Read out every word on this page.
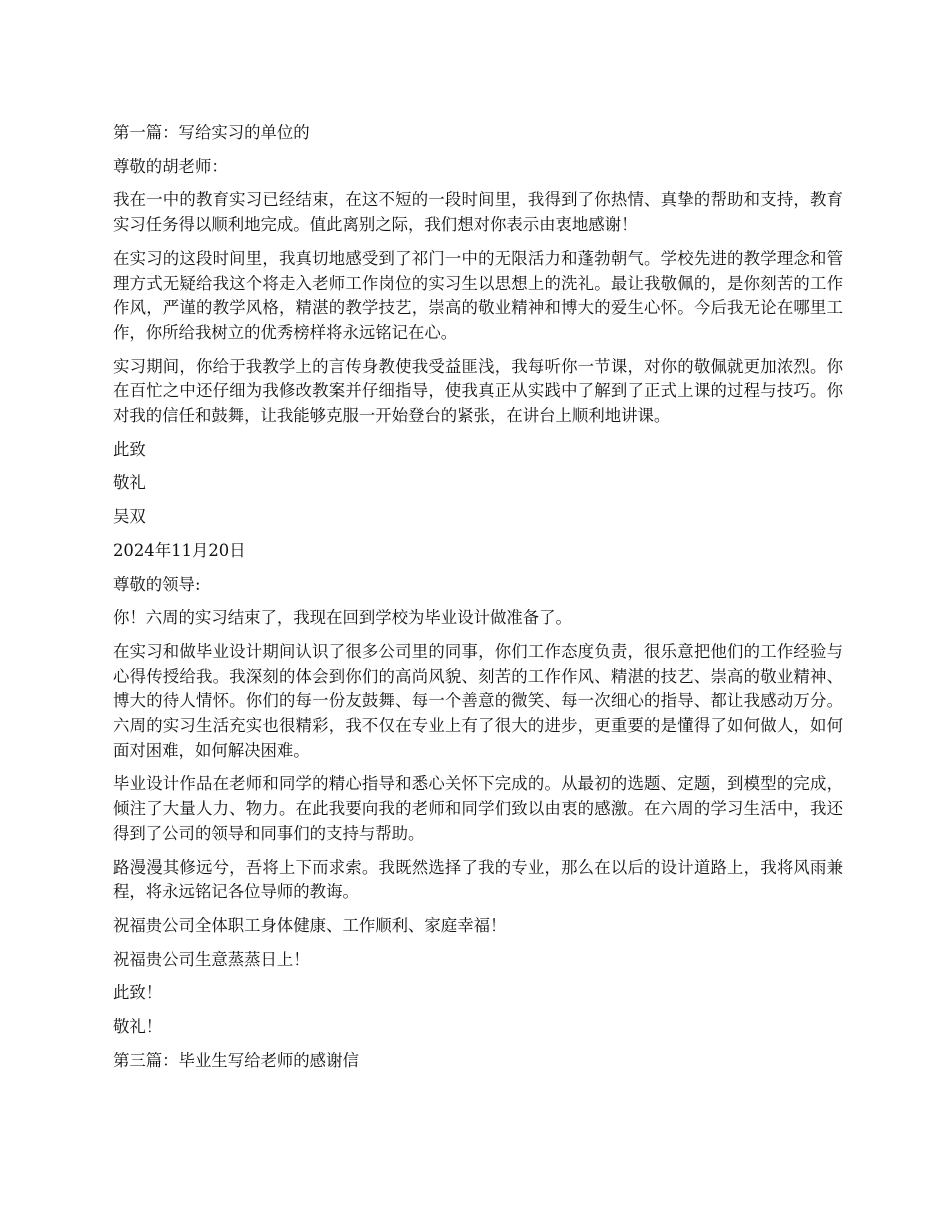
第一篇：写给实习的单位的

尊敬的胡老师：

我在一中的教育实习已经结束，在这不短的一段时间里，我得到了你热情、真挚的帮助和支持，教育实习任务得以顺利地完成。值此离别之际，我们想对你表示由衷地感谢！

在实习的这段时间里，我真切地感受到了祁门一中的无限活力和蓬勃朝气。学校先进的教学理念和管理方式无疑给我这个将走入老师工作岗位的实习生以思想上的洗礼。最让我敬佩的，是你刻苦的工作作风，严谨的教学风格，精湛的教学技艺，崇高的敬业精神和博大的爱生心怀。今后我无论在哪里工作，你所给我树立的优秀榜样将永远铭记在心。

实习期间，你给于我教学上的言传身教使我受益匪浅，我每听你一节课，对你的敬佩就更加浓烈。你在百忙之中还仔细为我修改教案并仔细指导，使我真正从实践中了解到了正式上课的过程与技巧。你对我的信任和鼓舞，让我能够克服一开始登台的紧张，在讲台上顺利地讲课。

此致

敬礼

吴双

2024年11月20日

尊敬的领导:

你！六周的实习结束了，我现在回到学校为毕业设计做准备了。

在实习和做毕业设计期间认识了很多公司里的同事，你们工作态度负责，很乐意把他们的工作经验与心得传授给我。我深刻的体会到你们的高尚风貌、刻苦的工作作风、精湛的技艺、崇高的敬业精神、博大的待人情怀。你们的每一份友鼓舞、每一个善意的微笑、每一次细心的指导、都让我感动万分。六周的实习生活充实也很精彩，我不仅在专业上有了很大的进步，更重要的是懂得了如何做人，如何面对困难，如何解决困难。

毕业设计作品在老师和同学的精心指导和悉心关怀下完成的。从最初的选题、定题，到模型的完成，倾注了大量人力、物力。在此我要向我的老师和同学们致以由衷的感激。在六周的学习生活中，我还得到了公司的领导和同事们的支持与帮助。

路漫漫其修远兮，吾将上下而求索。我既然选择了我的专业，那么在以后的设计道路上，我将风雨兼程，将永远铭记各位导师的教诲。

祝福贵公司全体职工身体健康、工作顺利、家庭幸福！

祝福贵公司生意蒸蒸日上！

此致！

敬礼！

第三篇：毕业生写给老师的感谢信
